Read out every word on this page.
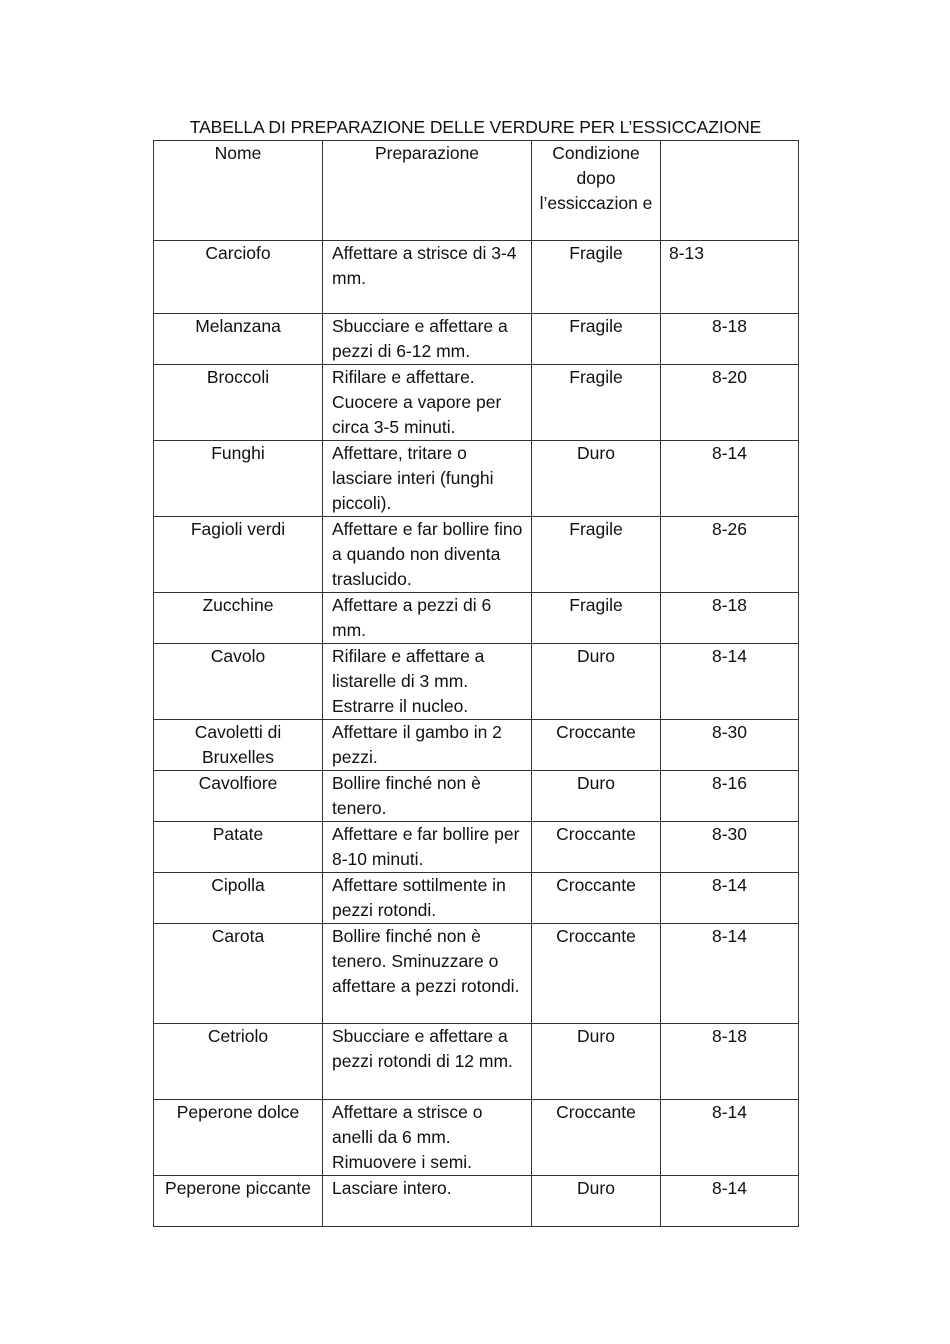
TABELLA DI PREPARAZIONE DELLE VERDURE PER L’ESSICCAZIONE
Nome	Preparazione	Condizione dopo l’essiccazion e	
Carciofo	Affettare a strisce di 3-4 mm.	Fragile	8-13
Melanzana	Sbucciare e affettare a pezzi di 6-12 mm.	Fragile	8-18
Broccoli	Rifilare e affettare. Cuocere a vapore per circa 3-5 minuti.	Fragile	8-20
Funghi	Affettare, tritare o lasciare interi (funghi piccoli).	Duro	8-14
Fagioli verdi	Affettare e far bollire fino a quando non diventa traslucido.	Fragile	8-26
Zucchine	Affettare a pezzi di 6 mm.	Fragile	8-18
Cavolo	Rifilare e affettare a listarelle di 3 mm. Estrarre il nucleo.	Duro	8-14
Cavoletti di Bruxelles	Affettare il gambo in 2 pezzi.	Croccante	8-30
Cavolfiore	Bollire finché non è tenero.	Duro	8-16
Patate	Affettare e far bollire per 8-10 minuti.	Croccante	8-30
Cipolla	Affettare sottilmente in pezzi rotondi.	Croccante	8-14
Carota	Bollire finché non è tenero. Sminuzzare o affettare a pezzi rotondi.	Croccante	8-14
Cetriolo	Sbucciare e affettare a pezzi rotondi di 12 mm.	Duro	8-18
Peperone dolce	Affettare a strisce o anelli da 6 mm. Rimuovere i semi.	Croccante	8-14
Peperone piccante	Lasciare intero.	Duro	8-14
